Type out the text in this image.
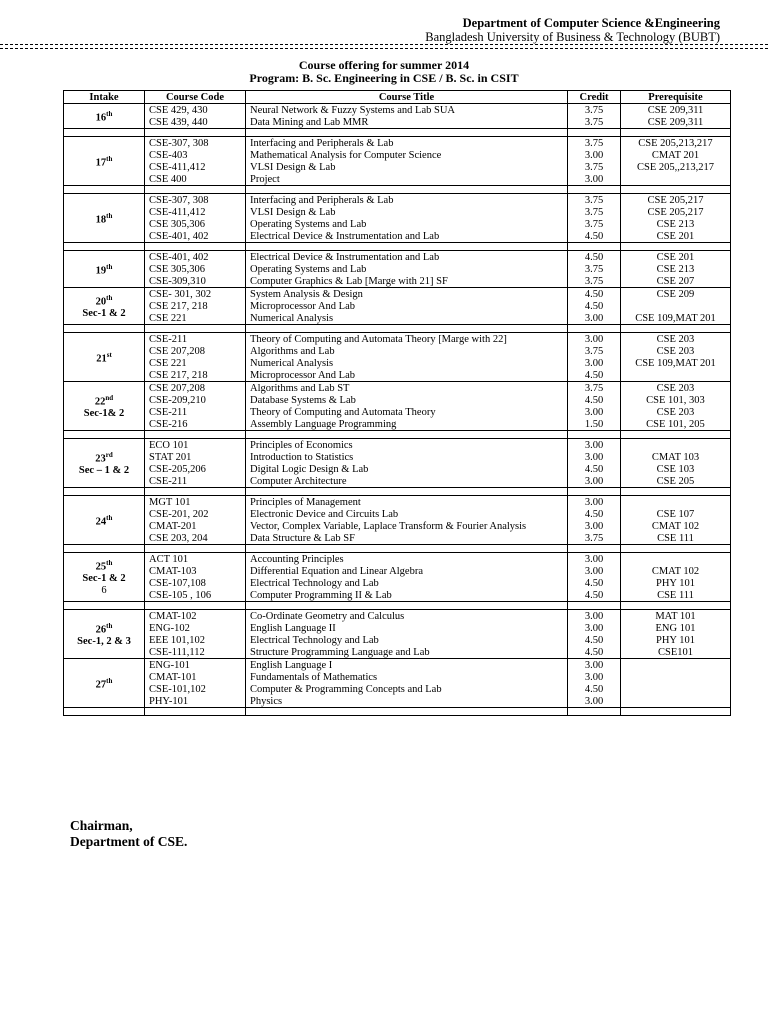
Department of Computer Science &Engineering
Bangladesh University of Business & Technology (BUBT)
Course offering for summer 2014
Program: B. Sc. Engineering in CSE / B. Sc. in CSIT
Intake	Course Code	Course Title	Credit	Prerequisite

16th	CSE 429, 430	Neural Network & Fuzzy Systems and Lab SUA	3.75	CSE 209,311
	CSE 439, 440	Data Mining and Lab MMR	3.75	CSE 209,311

17th	CSE-307, 308	Interfacing and Peripherals & Lab	3.75	CSE 205,213,217
	CSE-403	Mathematical Analysis for Computer Science	3.00	CMAT 201
	CSE-411,412	VLSI Design & Lab	3.75	CSE 205,,213,217
	CSE 400	Project	3.00	

18th	CSE-307, 308	Interfacing and Peripherals & Lab	3.75	CSE 205,217
	CSE-411,412	VLSI Design & Lab	3.75	CSE 205,217
	CSE 305,306	Operating Systems and Lab	3.75	CSE 213
	CSE-401, 402	Electrical Device & Instrumentation and Lab	4.50	CSE 201

19th	CSE-401, 402	Electrical Device & Instrumentation and Lab	4.50	CSE 201
	CSE 305,306	Operating Systems and Lab	3.75	CSE 213
	CSE-309,310	Computer Graphics & Lab [Marge with 21] SF	3.75	CSE 207

20th
Sec-1 & 2	CSE- 301, 302	System Analysis & Design	4.50	CSE 209
	CSE 217, 218	Microprocessor And Lab	4.50	
	CSE 221	Numerical Analysis	3.00	CSE 109,MAT 201

21st	CSE-211	Theory of Computing and Automata Theory [Marge with 22]	3.00	CSE 203
	CSE 207,208	Algorithms and Lab	3.75	CSE 203
	CSE 221	Numerical Analysis	3.00	CSE 109,MAT 201
	CSE 217, 218	Microprocessor And Lab	4.50	

22nd
Sec-1& 2	CSE 207,208	Algorithms and Lab ST	3.75	CSE 203
	CSE-209,210	Database Systems & Lab	4.50	CSE 101, 303
	CSE-211	Theory of Computing and Automata Theory	3.00	CSE 203
	CSE-216	Assembly Language Programming	1.50	CSE 101, 205

23rd
Sec – 1 & 2	ECO 101	Principles of Economics	3.00	
	STAT 201	Introduction to Statistics	3.00	CMAT 103
	CSE-205,206	Digital Logic Design & Lab	4.50	CSE 103
	CSE-211	Computer Architecture	3.00	CSE 205

24th	MGT 101	Principles of Management	3.00	
	CSE-201, 202	Electronic Device and Circuits Lab	4.50	CSE 107
	CMAT-201	Vector, Complex Variable, Laplace Transform & Fourier Analysis	3.00	CMAT 102
	CSE 203, 204	Data Structure & Lab SF	3.75	CSE 111

25th
Sec-1 & 2
6	ACT 101	Accounting Principles	3.00	
	CMAT-103	Differential Equation and Linear Algebra	3.00	CMAT 102
	CSE-107,108	Electrical Technology and Lab	4.50	PHY 101
	CSE-105 , 106	Computer Programming II & Lab	4.50	CSE 111

26th
Sec-1, 2 & 3	CMAT-102	Co-Ordinate Geometry and Calculus	3.00	MAT 101
	ENG-102	English Language II	3.00	ENG 101
	EEE 101,102	Electrical Technology and Lab	4.50	PHY 101
	CSE-111,112	Structure Programming Language and Lab	4.50	CSE101

27th	ENG-101	English Language I	3.00	
	CMAT-101	Fundamentals of Mathematics	3.00	
	CSE-101,102	Computer & Programming Concepts and Lab	4.50	
	PHY-101	Physics	3.00	

Chairman,
Department of CSE.
